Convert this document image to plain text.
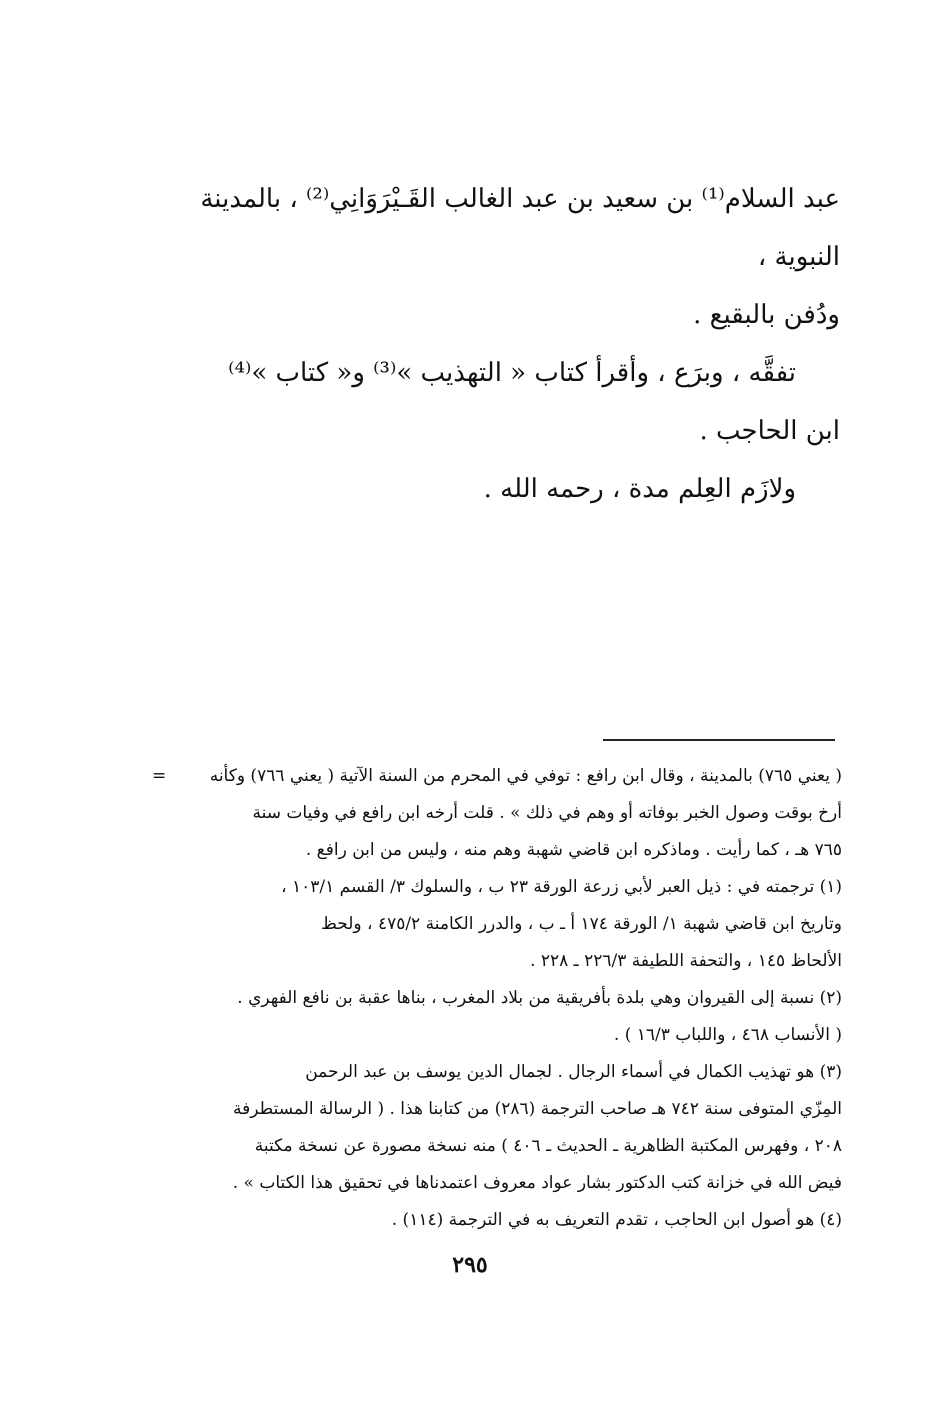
عبد السلام⁽¹⁾ بن سعيد بن عبد الغالب القَـيْرَوَانِي⁽²⁾ ، بالمدينة النبوية ،

ودُفن بالبقيع .

تفقَّه ، وبرَع ، وأقرأ كتاب « التهذيب »⁽³⁾ و« كتاب »⁽⁴⁾

ابن الحاجب .

ولازَم العِلم مدة ، رحمه الله .

=	( يعني ٧٦٥) بالمدينة ، وقال ابن رافع : توفي في المحرم من السنة الآتية ( يعني ٧٦٦) وكأنه

أرخ بوقت وصول الخبر بوفاته أو وهم في ذلك » . قلت أرخه ابن رافع في وفيات سنة

٧٦٥ هـ ، كما رأيت . وماذكره ابن قاضي شهبة وهم منه ، وليس من ابن رافع .

(١) ترجمته في : ذيل العبر لأبي زرعة الورقة ٢٣ ب ، والسلوك ٣/ القسم ١٠٣/١ ،

وتاريخ ابن قاضي شهبة ١/ الورقة ١٧٤ أ ـ ب ، والدرر الكامنة ٤٧٥/٢ ، ولحظ

الألحاظ ١٤٥ ، والتحفة اللطيفة ٢٢٦/٣ ـ ٢٢٨ .

(٢) نسبة إلى القيروان وهي بلدة بأفريقية من بلاد المغرب ، بناها عقبة بن نافع الفهري .

( الأنساب ٤٦٨ ، واللباب ١٦/٣ ) .

(٣) هو تهذيب الكمال في أسماء الرجال . لجمال الدين يوسف بن عبد الرحمن

المِزّي المتوفى سنة ٧٤٢ هـ صاحب الترجمة (٢٨٦) من كتابنا هذا . ( الرسالة المستطرفة

٢٠٨ ، وفهرس المكتبة الظاهرية ـ الحديث ـ ٤٠٦ ) منه نسخة مصورة عن نسخة مكتبة

فيض الله في خزانة كتب الدكتور بشار عواد معروف اعتمدناها في تحقيق هذا الكتاب » .

(٤) هو أصول ابن الحاجب ، تقدم التعريف به في الترجمة (١١٤) .

٢٩٥
